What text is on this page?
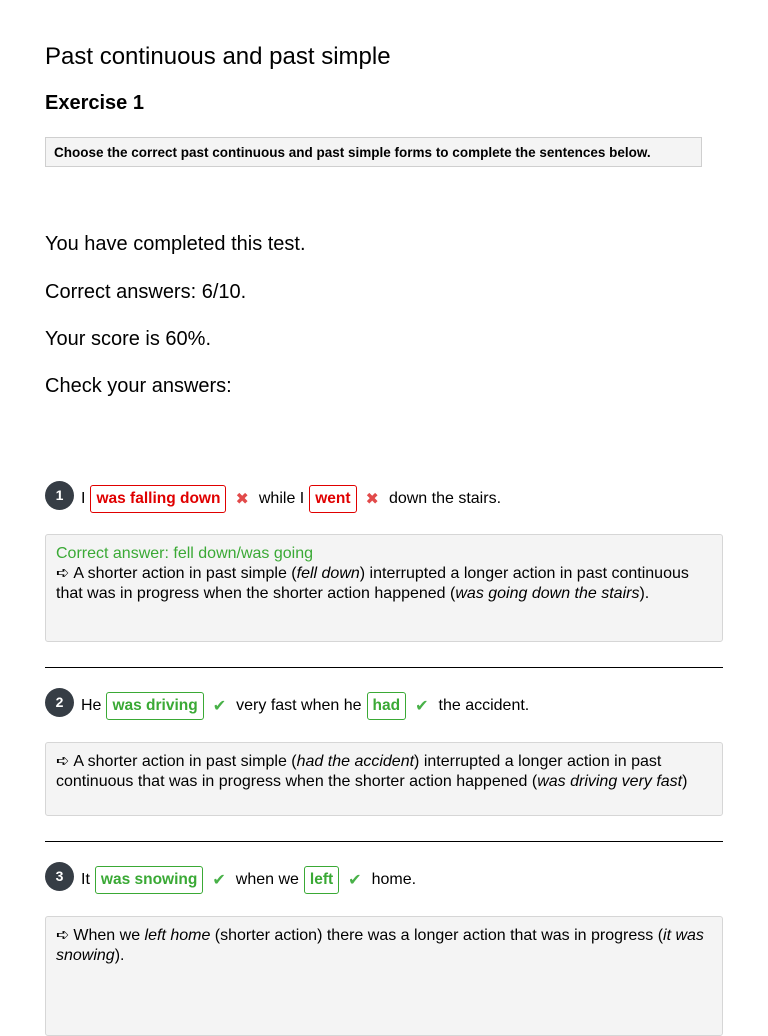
Past continuous and past simple
Exercise 1
Choose the correct past continuous and past simple forms to complete the sentences below.
You have completed this test.
Correct answers: 6/10.
Your score is 60%.
Check your answers:
1	I was falling down ✖ while I went ✖ down the stairs.
Correct answer: fell down/was going
➪ A shorter action in past simple (fell down) interrupted a longer action in past continuous that was in progress when the shorter action happened (was going down the stairs).
2	He was driving ✔ very fast when he had ✔ the accident.
➪ A shorter action in past simple (had the accident) interrupted a longer action in past continuous that was in progress when the shorter action happened (was driving very fast)
3	It was snowing ✔ when we left ✔ home.
➪ When we left home (shorter action) there was a longer action that was in progress (it was snowing).
